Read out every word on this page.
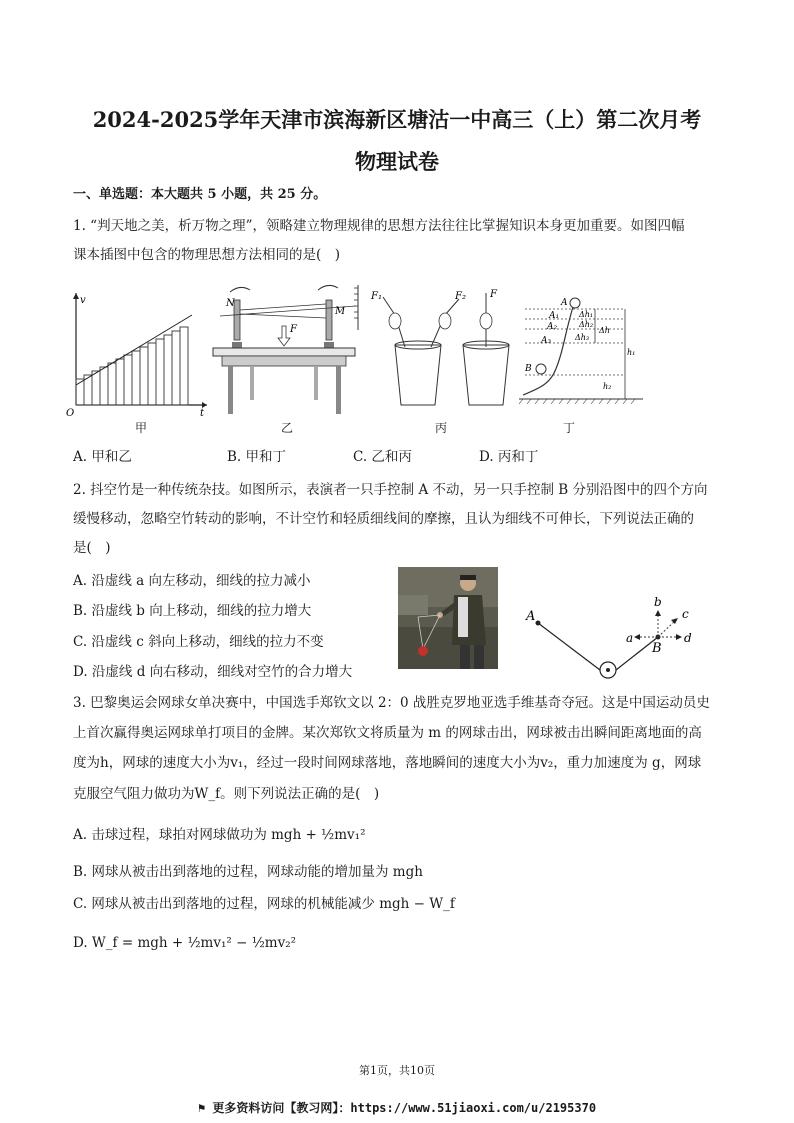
2024-2025学年天津市滨海新区塘沽一中高三（上）第二次月考
物理试卷
一、单选题：本大题共 5 小题，共 25 分。
1. “判天地之美，析万物之理”，领略建立物理规律的思想方法往往比掌握知识本身更加重要。如图四幅
课本插图中包含的物理思想方法相同的是(　)
v
O	t
N
M
F
F₁	F₂ F
A
A₁
A₂
A₃
B
Δh₁
Δh₂
Δh₃
Δh
h₁
h₂
甲	乙	丙	丁
A. 甲和乙	B. 甲和丁	C. 乙和丙	D. 丙和丁
2. 抖空竹是一种传统杂技。如图所示，表演者一只手控制 A 不动，另一只手控制 B 分别沿图中的四个方向
缓慢移动，忽略空竹转动的影响，不计空竹和轻质细线间的摩擦，且认为细线不可伸长，下列说法正确的
是(　)
A. 沿虚线 a 向左移动，细线的拉力减小
B. 沿虚线 b 向上移动，细线的拉力增大
C. 沿虚线 c 斜向上移动，细线的拉力不变
D. 沿虚线 d 向右移动，细线对空竹的合力增大
A
B
a
b
c
d
3. 巴黎奥运会网球女单决赛中，中国选手郑钦文以 2：0 战胜克罗地亚选手维基奇夺冠。这是中国运动员史
上首次赢得奥运网球单打项目的金牌。某次郑钦文将质量为 m 的网球击出，网球被击出瞬间距离地面的高
度为h，网球的速度大小为v₁，经过一段时间网球落地，落地瞬间的速度大小为v₂，重力加速度为 g，网球
克服空气阻力做功为W_f。则下列说法正确的是(　)
A. 击球过程，球拍对网球做功为 mgh + ½mv₁²
B. 网球从被击出到落地的过程，网球动能的增加量为 mgh
C. 网球从被击出到落地的过程，网球的机械能减少 mgh − W_f
D. W_f = mgh + ½mv₁² − ½mv₂²
第1页，共10页
⚑ 更多资料访问【教习网】：https://www.51jiaoxi.com/u/2195370
